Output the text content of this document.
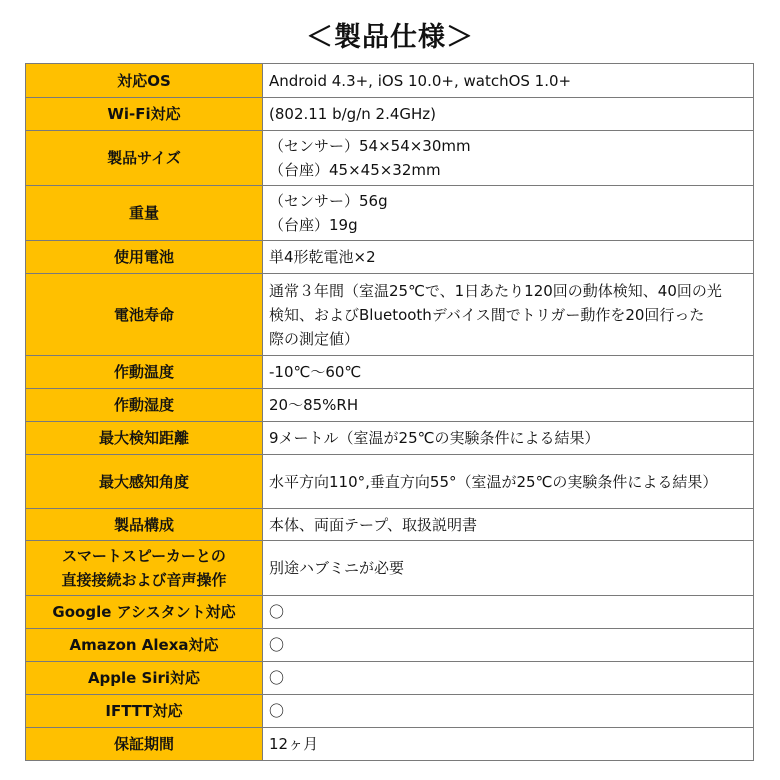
＜製品仕様＞
対応OS	Android 4.3+, iOS 10.0+, watchOS 1.0+
Wi-Fi対応	(802.11 b/g/n 2.4GHz)
製品サイズ	（センサー）54×54×30mm
（台座）45×45×32mm

重量	（センサー）56g
（台座）19g

使用電池	単4形乾電池×2
電池寿命	通常３年間（室温25℃で、1日あたり120回の動体検知、40回の光
検知、およびBluetoothデバイス間でトリガー動作を20回行った
際の測定値）

作動温度	-10℃～60℃
作動湿度	20～85%RH
最大検知距離	9メートル（室温が25℃の実験条件による結果）
最大感知角度	水平方向110°,垂直方向55°（室温が25℃の実験条件による結果）
製品構成	本体、両面テープ、取扱説明書

スマートスピーカーとの
直接接続および音声操作	別途ハブミニが必要
Google アシスタント対応	〇
Amazon Alexa対応	〇
Apple Siri対応	〇
IFTTT対応	〇
保証期間	12ヶ月
